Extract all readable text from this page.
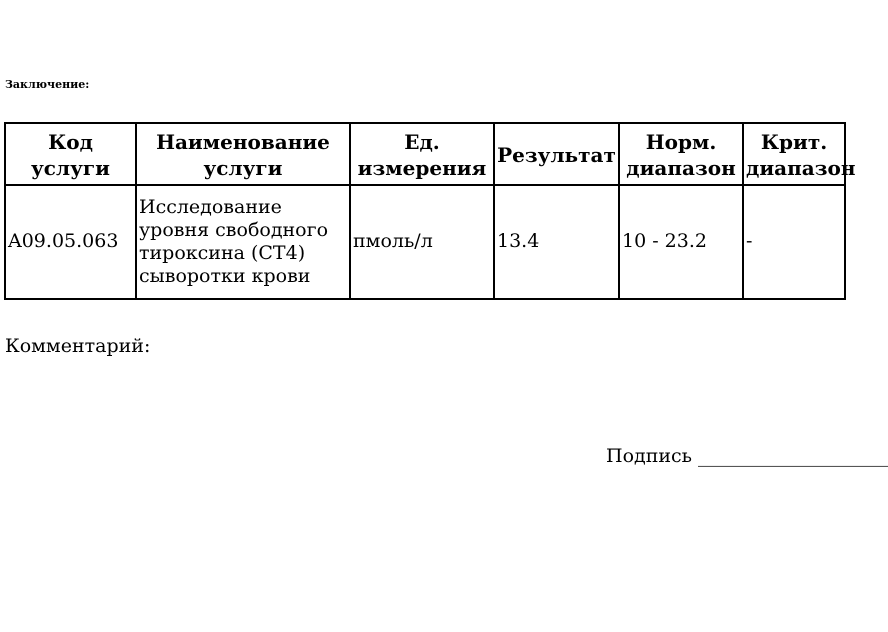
Заключение:

Код услуги	Наименование услуги	Ед. измерения	Результат	Норм. диапазон	Крит. диапазон
A09.05.063	Исследование уровня свободного тироксина (СТ4) сыворотки крови	пмоль/л	13.4	10 - 23.2	-

Комментарий:

Подпись ____________________
